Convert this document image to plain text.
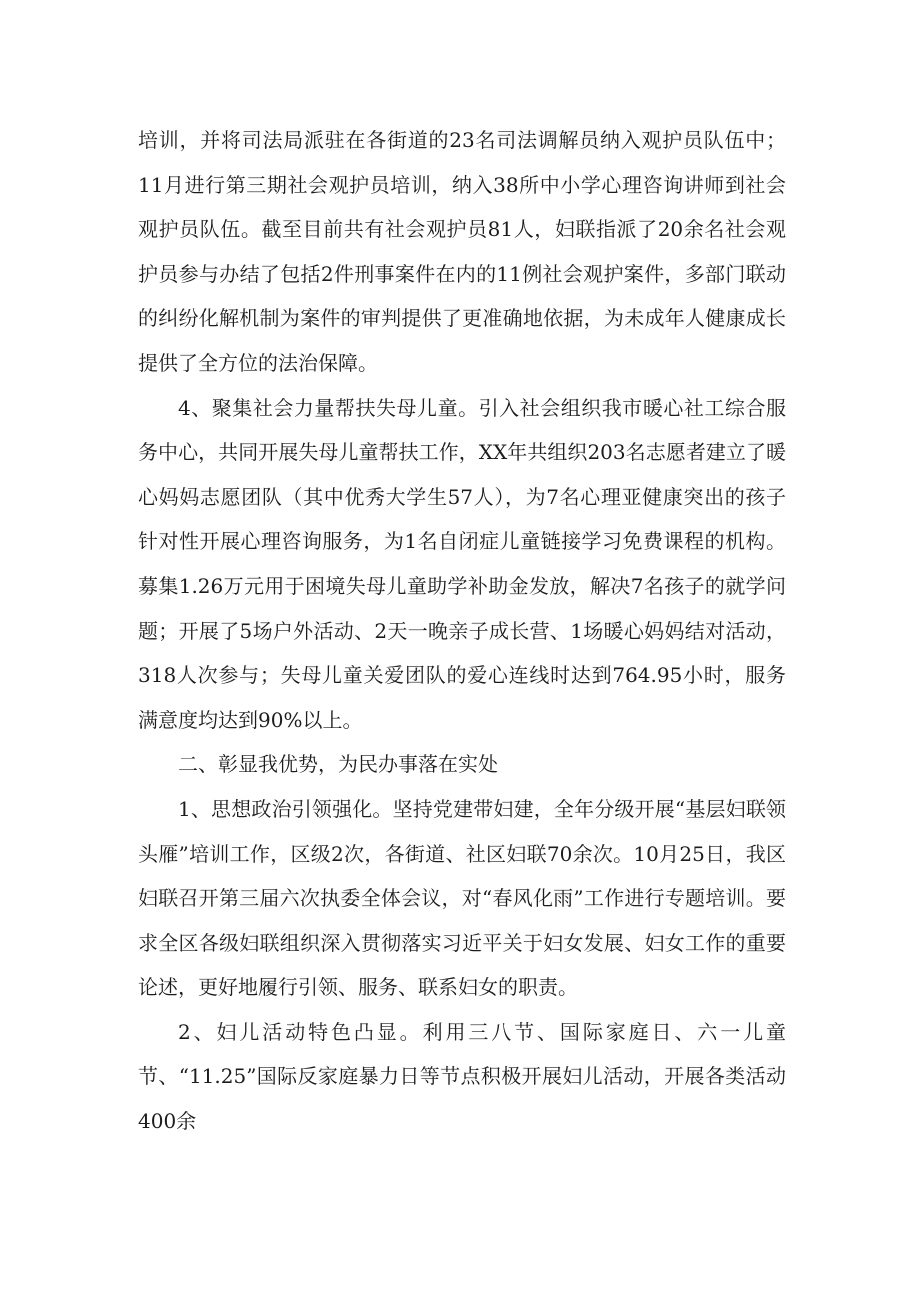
培训，并将司法局派驻在各街道的23名司法调解员纳入观护员队伍中；11月进行第三期社会观护员培训，纳入38所中小学心理咨询讲师到社会观护员队伍。截至目前共有社会观护员81人，妇联指派了20余名社会观护员参与办结了包括2件刑事案件在内的11例社会观护案件，多部门联动的纠纷化解机制为案件的审判提供了更准确地依据，为未成年人健康成长提供了全方位的法治保障。

4、聚集社会力量帮扶失母儿童。引入社会组织我市暖心社工综合服务中心，共同开展失母儿童帮扶工作，XX年共组织203名志愿者建立了暖心妈妈志愿团队（其中优秀大学生57人），为7名心理亚健康突出的孩子针对性开展心理咨询服务，为1名自闭症儿童链接学习免费课程的机构。募集1.26万元用于困境失母儿童助学补助金发放，解决7名孩子的就学问题；开展了5场户外活动、2天一晚亲子成长营、1场暖心妈妈结对活动，318人次参与；失母儿童关爱团队的爱心连线时达到764.95小时，服务满意度均达到90%以上。

二、彰显我优势，为民办事落在实处

1、思想政治引领强化。坚持党建带妇建，全年分级开展“基层妇联领头雁”培训工作，区级2次，各街道、社区妇联70余次。10月25日，我区妇联召开第三届六次执委全体会议，对“春风化雨”工作进行专题培训。要求全区各级妇联组织深入贯彻落实习近平关于妇女发展、妇女工作的重要论述，更好地履行引领、服务、联系妇女的职责。

2、妇儿活动特色凸显。利用三八节、国际家庭日、六一儿童节、“11.25”国际反家庭暴力日等节点积极开展妇儿活动，开展各类活动400余
